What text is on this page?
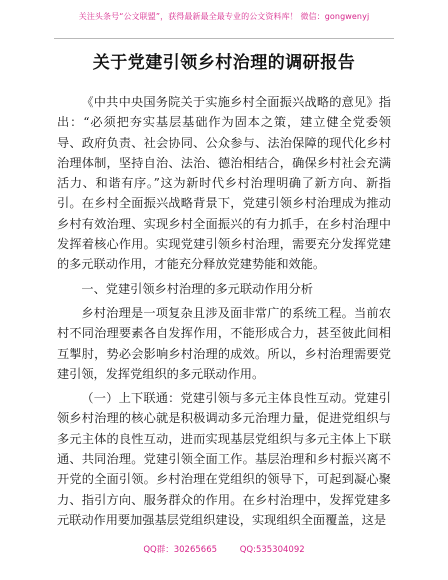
关注头条号“公文联盟”，获得最新最全最专业的公文资料库！ 微信：gongwenyj
关于党建引领乡村治理的调研报告

《中共中央国务院关于实施乡村全面振兴战略的意见》指出：“必须把夯实基层基础作为固本之策，建立健全党委领导、政府负责、社会协同、公众参与、法治保障的现代化乡村治理体制，坚持自治、法治、德治相结合，确保乡村社会充满活力、和谐有序。”这为新时代乡村治理明确了新方向、新指引。在乡村全面振兴战略背景下，党建引领乡村治理成为推动乡村有效治理、实现乡村全面振兴的有力抓手，在乡村治理中发挥着核心作用。实现党建引领乡村治理，需要充分发挥党建的多元联动作用，才能充分释放党建势能和效能。

一、党建引领乡村治理的多元联动作用分析

乡村治理是一项复杂且涉及面非常广的系统工程。当前农村不同治理要素各自发挥作用，不能形成合力，甚至彼此间相互掣肘，势必会影响乡村治理的成效。所以，乡村治理需要党建引领，发挥党组织的多元联动作用。

（一）上下联通：党建引领与多元主体良性互动。党建引领乡村治理的核心就是积极调动多元治理力量，促进党组织与多元主体的良性互动，进而实现基层党组织与多元主体上下联通、共同治理。党建引领全面工作。基层治理和乡村振兴离不开党的全面引领。乡村治理在党组织的领导下，可起到凝心聚力、指引方向、服务群众的作用。在乡村治理中，发挥党建多元联动作用要加强基层党组织建设，实现组织全面覆盖，这是

QQ群：30265665	QQ:535304092
